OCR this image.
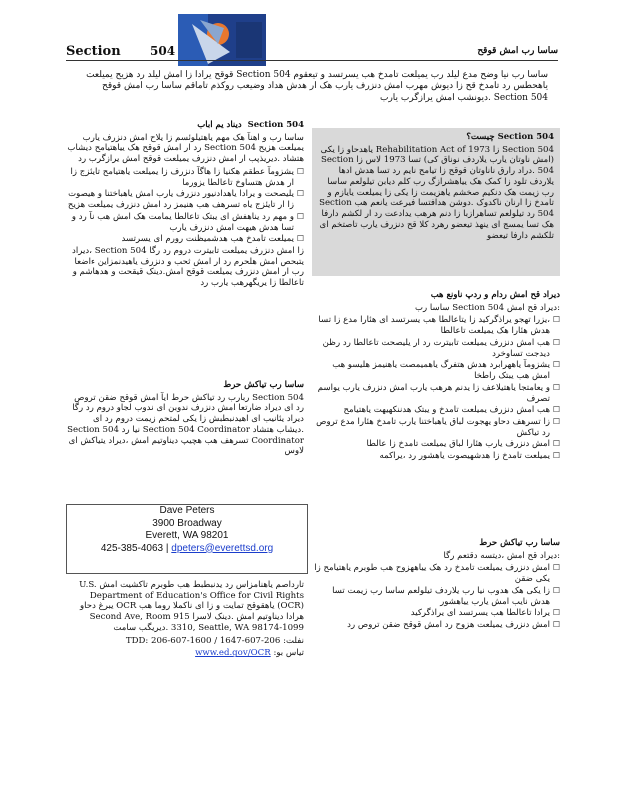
Section 504	ساسا رب امش قوقح
ساسا رب نیا وضح مدع لیلد رب یمیلعت تامدخ هب یسرتسد و تیعقوم Section 504 قوقح یرادا زا امش لیلد رد هزیح یمیلعت یاهحطس رد تامدخ قح زا دیوش مهرب امش دنزرف یارب هک ار هدش هداد وضیعب روکذم تاماقم ساسا رب امش قوقح Section 504 .دیونشب امش یرازگرب یارب

Section 504 چیست؟

Section 504 زا Rehabilitation Act of 1973 یاهدحاو زا یکی (امش ناوتان یارب یلاردف نوناق کی) تسا 1973 لاس زا Section 504 .دراد رارق ناناوتان قوقح زا تیامح نایم رد تسا هدش ادها یلاردف تلود زا کمک هک ییاهشرازگ رب کلم دیابن تیلولعم ساسا رب زیمت هک دنکیم صخشم یاهزیمت زا یکی زا یمیلعت یایازم و تامدخ زا ارنان ناکدوک .دوشن هدافتسا فیرعت یانعم هب Section 504 رد تیلولعم تساهرازبا زا دنم هرهب یدادعت رد ار لکشم دارفا هک تسا یمسج ای ینهذ تیعضو رهرد کلا قح دنزرف یارب تاصتخم ای تلکشم دارفا تیعضو

Section 504  دیناد یم اباب

ساسا رب و اهنآ هک مهم یاهتیلوئسم زا یلاح امش دنزرف یارب یمیلعت هزیح Section 504 رد ار امش قوقح هک ییاهتیامح دیشاب هتشاد .دیریذپب ار امش دنزرف یمیلعت قوقح امش یرازگرب رد

☐
یشزومآ عطقم هکنیا زا هاگآ دنزرف زا یمیلعت یاهتیامح تایئزج زا ار هدش هتساوخ تاعالطا یزورما
☐
یلیصحت و یرادا یاهدادنیور دنزرف یارب امش یاهباختنا و هیصوت زا ار تایئزج یاه تسرهف هب هنیمز رد امش دنزرف یمیلعت هزیح
☐
و مهم رد یناهفش ای یبتک تاعالطا یمامت هک امش هب نآ رد و تسا هدش هیهت امش دنزرف یارب
☐
یمیلعت تامدخ هب هدشمیظنت رورم ای یسرتسد

زا امش دنزرف یمیلعت تابیترت دروم رد رگا Section 504 ،دیراد یتبحص امش هلحرم رد ار امش ثحب و دنزرف یاهیدنمزاین ءاضعا رب ار امش دنزرف یمیلعت قوقح امش.دینک قیقحت و هدهاشم و تاعالطا زا یریگهرهب یارب رد

ساسا رب تیاکش حرط

Section 504 ربارب رد تیاکش حرط ایآ امش قوقح ضقن تروص رد ای دیراد ضارتعا امش دنزرف ندوبن ای ندوب لجاو دروم رد رگا دیراد یئانیب ای اهیدنبطبش زا یکی لمتحم زیمت دروم رد ای .دیشاب هتشاد Section 504 Coordinator نیا رد Section 504 Coordinator تسرهف هب هچیپ دیناوتیم امش ،دیراد یتیاکش ای لاوس

Dave Peters
3900 Broadway
Everett, WA 98201
425-385-4063 | dpeters@everettsd.org

تارداصم یاهنامزاس رد یدنبطبط هب طوبرم تاکشیت امش U.S. Department of Education's Office for Civil Rights (OCR) یاهقوقح تمایت و زا ای ناکملا روما هب OCR یبرغ دحاو هرادا دیناوتیم امش .دینک لاسرا 915 Second Ave, Room 3310, Seattle, WA 98174-1099 .دیریگب سامت

نفلت: 206-607-1647 / TDD: 206-607-1600

تیاس بو: www.ed.gov/OCR

دیراد قح امش ردام و ردپ ناونع هب

:دیراد قح امش Section 504 ساسا رب

☐
،یزرا تهجو یراذگرکید زا یتاعالطا هب یسرتسد ای هئارا مدع زا تسا هدش هئارا هک یمیلعت تاعالطا
☐
هب امش دنزرف یمیلعت تابیترت رد ار یلیصحت تاعالطا رد رظن دیدجت تساوخرد
☐
یشزومآ یاههرابرد هدش هتفرگ یاهمیمصت یاهنیمز هلیسو هب امش هب یبتک راطخا
☐
و یعامتجا یاهتیلاعف زا یدنم هرهب یارب امش دنزرف یارب یواسم تصرف
☐
هب امش دنزرف یمیلعت تامدخ و یبتک هدننکهیهت یاهتیامح
☐
زا تسرهف دحاو یهجوت لباق یاهباختنا یارب تامدخ هئارا مدع تروص رد تیاکش
☐
امش دنزرف یارب هئارا لباق یمیلعت تامدخ زا عالطا
☐
یمیلعت تامدخ زا هدشهیصوت یاهشور رد ،یراکمه

ساسا رب تیاکش حرط

:دیراد قح امش ،دیتسه دقتعم رگا

☐
امش دنزرف یمیلعت تامدخ رد هک ییاههزوح هب طوبرم یاهتیامح زا یکی ضقن
☐
زا یکی هک هدوب نیا رب یلاردف تیلولعم ساسا رب زیمت تسا هدش نایب امش یارب ییاهشور
☐
یرادا تاعالطا هب یسرتسد ای یراذگرکید
☐
امش دنزرف یمیلعت هزوح رد امش قوقح ضقن تروص رد
